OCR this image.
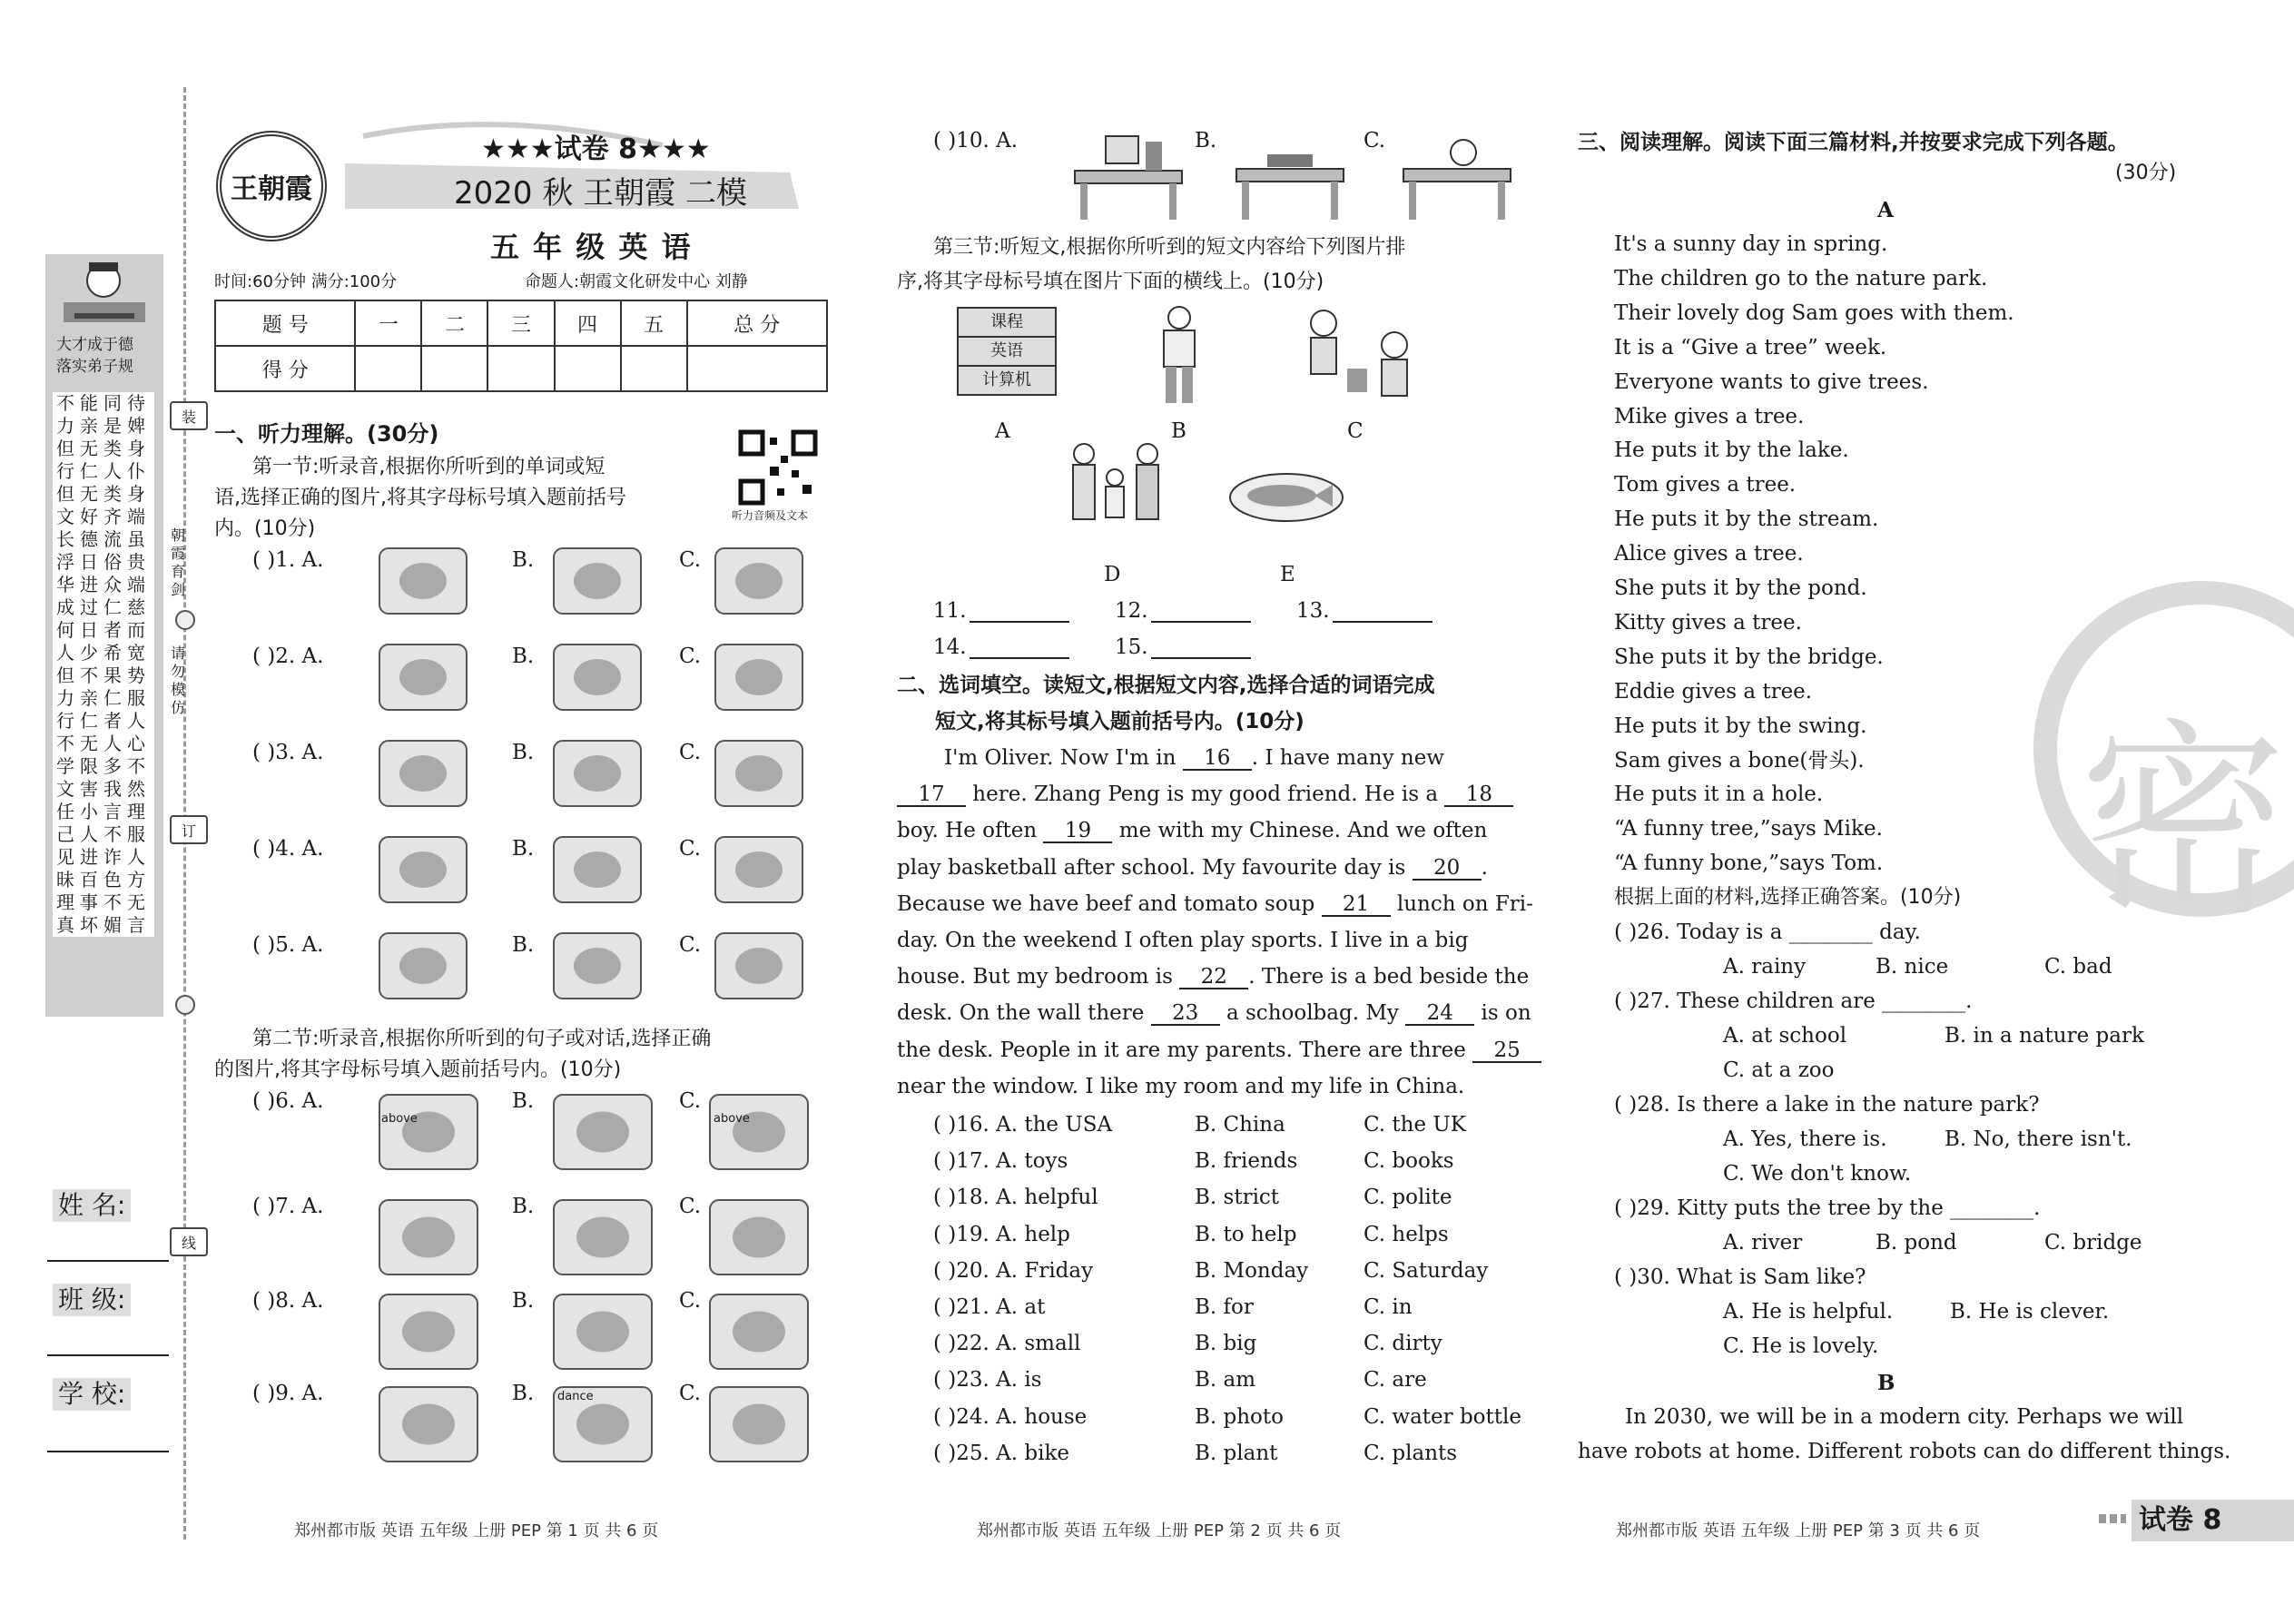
大才成于德
落实弟子规
不能同待
力亲是婢
但无类身
行仁人仆
但无类身
文好齐端
长德流虽
浮日俗贵
华进众端
成过仁慈
何日者而
人少希宽
但不果势
力亲仁服
行仁者人
不无人心
学限多不
文害我然
任小言理
己人不服
见进诈人
昧百色方
理事不无
真坏媚言
装
朝霞育剑
请勿模仿
订
线
姓 名:
班 级:
学 校:
王朝霞
★★★试卷 8★★★
2020 秋 王朝霞 二模
五 年 级 英 语
时间:60分钟 满分:100分	命题人:朝霞文化研发中心 刘静
题 号	一	二	三	四	五	总 分
得 分						
一、听力理解。(30分)
第一节:听录音,根据你所听到的单词或短
语,选择正确的图片,将其字母标号填入题前括号
内。(10分)
听力音频及文本
( )1. A.	B.	C.
( )2. A.	B.	C.
( )3. A.	B.	C.
( )4. A.	B.	C.
( )5. A.	B.	C.
第二节:听录音,根据你所听到的句子或对话,选择正确
的图片,将其字母标号填入题前括号内。(10分)
( )6. A.	B.	C.
( )7. A.	B.	C.
( )8. A.	B.	C.
( )9. A.	B.	C.
above	above
dance
( )10. A.	B.	C.
第三节:听短文,根据你所听到的短文内容给下列图片排
序,将其字母标号填在图片下面的横线上。(10分)
课程
英语
计算机
A	B	C
D	E
11.	12.	13.
14.	15.
二、选词填空。读短文,根据短文内容,选择合适的词语完成
短文,将其标号填入题前括号内。(10分)
I'm Oliver. Now I'm in 16 . I have many new
17 here. Zhang Peng is my good friend. He is a 18
boy. He often 19 me with my Chinese. And we often
play basketball after school. My favourite day is 20 .
Because we have beef and tomato soup 21 lunch on Fri-
day. On the weekend I often play sports. I live in a big
house. But my bedroom is 22 . There is a bed beside the
desk. On the wall there 23 a schoolbag. My 24 is on
the desk. People in it are my parents. There are three 25
near the window. I like my room and my life in China.
( )16. A. the USA	B. China	C. the UK
( )17. A. toys	B. friends	C. books
( )18. A. helpful	B. strict	C. polite
( )19. A. help	B. to help	C. helps
( )20. A. Friday	B. Monday	C. Saturday
( )21. A. at	B. for	C. in
( )22. A. small	B. big	C. dirty
( )23. A. is	B. am	C. are
( )24. A. house	B. photo	C. water bottle
( )25. A. bike	B. plant	C. plants
密
三、阅读理解。阅读下面三篇材料,并按要求完成下列各题。
(30分)
A
It's a sunny day in spring.
The children go to the nature park.
Their lovely dog Sam goes with them.
It is a “Give a tree” week.
Everyone wants to give trees.
Mike gives a tree.
He puts it by the lake.
Tom gives a tree.
He puts it by the stream.
Alice gives a tree.
She puts it by the pond.
Kitty gives a tree.
She puts it by the bridge.
Eddie gives a tree.
He puts it by the swing.
Sam gives a bone(骨头).
He puts it in a hole.
“A funny tree,”says Mike.
“A funny bone,”says Tom.
根据上面的材料,选择正确答案。(10分)
( )26. Today is a ________ day.
A. rainy	B. nice	C. bad
( )27. These children are ________.
A. at school	B. in a nature park
C. at a zoo
( )28. Is there a lake in the nature park?
A. Yes, there is.	B. No, there isn't.
C. We don't know.
( )29. Kitty puts the tree by the ________.
A. river	B. pond	C. bridge
( )30. What is Sam like?
A. He is helpful.	B. He is clever.
C. He is lovely.
B
In 2030, we will be in a modern city. Perhaps we will
have robots at home. Different robots can do different things.
郑州都市版 英语 五年级 上册 PEP 第 1 页 共 6 页	郑州都市版 英语 五年级 上册 PEP 第 2 页 共 6 页	郑州都市版 英语 五年级 上册 PEP 第 3 页 共 6 页	试卷 8
